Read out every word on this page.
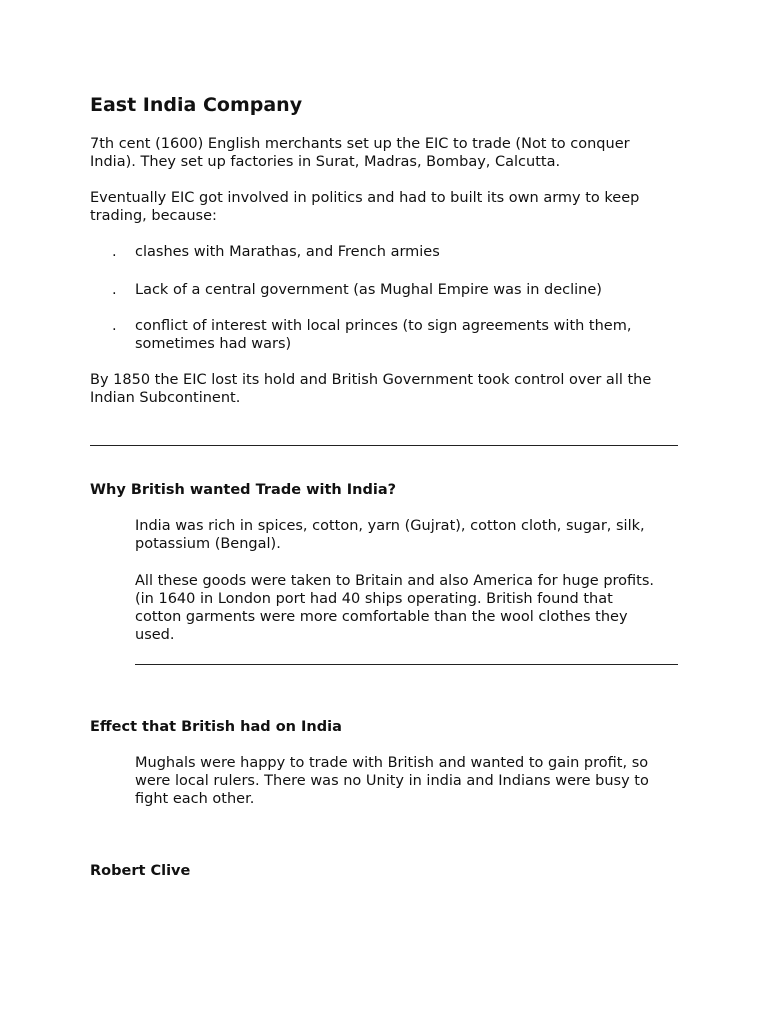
East India Company
7th cent (1600) English merchants set up the EIC to trade (Not to conquer
India). They set up factories in Surat, Madras, Bombay, Calcutta.
Eventually EIC got involved in politics and had to built its own army to keep
trading, because:
. clashes with Marathas, and French armies
. Lack of a central government (as Mughal Empire was in decline)
. conflict of interest with local princes (to sign agreements with them,
sometimes had wars)
By 1850 the EIC lost its hold and British Government took control over all the
Indian Subcontinent.
Why British wanted Trade with India?
India was rich in spices, cotton, yarn (Gujrat), cotton cloth, sugar, silk,
potassium (Bengal).
All these goods were taken to Britain and also America for huge profits.
(in 1640 in London port had 40 ships operating. British found that
cotton garments were more comfortable than the wool clothes they
used.
Effect that British had on India
Mughals were happy to trade with British and wanted to gain profit, so
were local rulers. There was no Unity in india and Indians were busy to
fight each other.
Robert Clive
